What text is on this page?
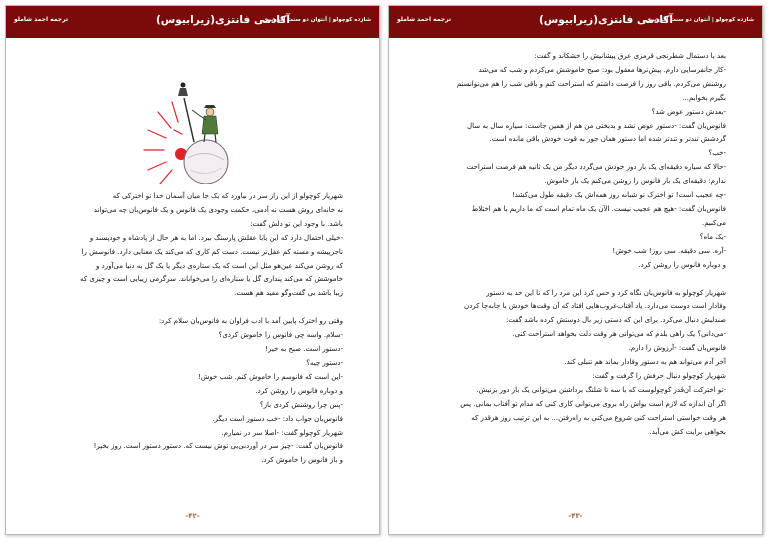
ترجمه احمد شاملو	آکادمی فانتزی(زیرابیوس)
شازده کوچولو | آنتوان دو سنت اگزوپری

شهریار کوچولو از این راز سر در نیاورد که یک جا میان آسمان خدا تو اخترکی که

نه خانه‌ای روش هست نه آدمی، حکمت وجودی یک فانوس و یک فانوس‌بان چه می‌تواند

باشد. با وجود این تو دلش گفت:

-خیلی احتمال دارد که این بابا عقلش پارسنگ ببرد. اما به هر حال از پادشاه و خودپسند و

تاجرپیشه و مسته کم عقل‌تر نیست. دست کم کاری که می‌کند یک معنایی دارد. فانوسش را

که روشن می‌کند عین‌هو مثل این است که یک ستاره‌ی دیگر یا یک گل به دنیا می‌آورد و

خاموشش که می‌کند پنداری گل یا ستاره‌ای را می‌خواباند. سرگرمی زیبایی است و چیزی که

زیبا باشد بی گفت‌وگو مفید هم هست.

وقتی رو اخترک پایین آمد با ادب فراوان به فانوس‌بان سلام کرد:

-سلام. واسه چی فانوس را خاموش کردی؟

-دستور است. صبح به خیر!

-دستور چیه؟

-این است که فانوسم را خاموش کنم. شب خوش!

و دوباره فانوس را روشن کرد.

-پس چرا روشنش کردی باز؟

فانوس‌بان جواب داد: -خب دستور است دیگر.

شهریار کوچولو گفت: -اصلا سر در نمیارم.

فانوس‌بان گفت: -چیز سر در آوردنی‌یی توش نیست که. دستور دستور است. روز بخیر!

و باز فانوس را خاموش کرد.

-۴۲-
ترجمه احمد شاملو	آکادمی فانتزی(زیرابیوس)
شازده کوچولو | آنتوان دو سنت اگزوپری

بعد با دستمال شطرنجی قرمزی عرق پیشانیش را خشکاند و گفت:

-کار جانفرسایی دارم. پیش‌ترها معقول بود: صبح خاموشش می‌کردم و شب که می‌شد

روشنش می‌کردم. باقی روز را فرصت داشتم که استراحت کنم و باقی شب را هم می‌توانستم

بگیرم بخوابم...

-بعدش دستور عوض شد؟

فانوس‌بان گفت: -دستور عوض نشد و بدبختی من هم از همین جاست: سیاره سال به سال

گردشش تندتر و تندتر شده اما دستور همان جور به قوت خودش باقی مانده است.

-خب؟

-حالا که سیاره دقیقه‌ای یک بار دور خودش می‌گردد دیگر من یک ثانیه هم فرصت استراحت

ندارم: دقیقه‌ای یک بار فانوس را روشن می‌کنم یک بار خاموش.

-چه عجیب است! تو اخترک تو شبانه روز همه‌اش یک دقیقه طول می‌کشد!

فانوس‌بان گفت: -هیچ هم عجیب نیست. الآن یک ماه تمام است که ما داریم با هم اختلاط

می‌کنیم.

-یک ماه؟

-آره. سی دقیقه. سی روز! شب خوش!

و دوباره فانوس را روشن کرد.

شهریار کوچولو به فانوس‌بان نگاه کرد و حس کرد این مرد را که تا این حد به دستور

وفادار است دوست می‌دارد. یاد آفتاب‌غروب‌هایی افتاد که آن وقت‌ها خودش با جابه‌جا کردن

صندلیش دنبال می‌کرد. برای این که دستی زیر بال دوستش کرده باشد گفت:

-می‌دانی؟ یک راهی بلدم که می‌توانی هر وقت دلت بخواهد استراحت کنی.

فانوس‌بان گفت: -آرزوش را دارم.

آخر آدم می‌تواند هم به دستور وفادار بماند هم تنبلی کند.

شهریار کوچولو دنبال حرفش را گرفت و گفت:

-تو اخترکت آن‌قدر کوچولوست که با سه تا شلنگ برداشتن می‌توانی یک بار دور بزنیش.

اگر آن اندازه که لازم است یواش راه بروی می‌توانی کاری کنی که مدام تو آفتاب بمانی. پس

هر وقت خواستی استراحت کنی شروع می‌کنی به راه‌رفتن... به این ترتیب روز هرقدر که

بخواهی برایت کش می‌آید.

-۴۳-
